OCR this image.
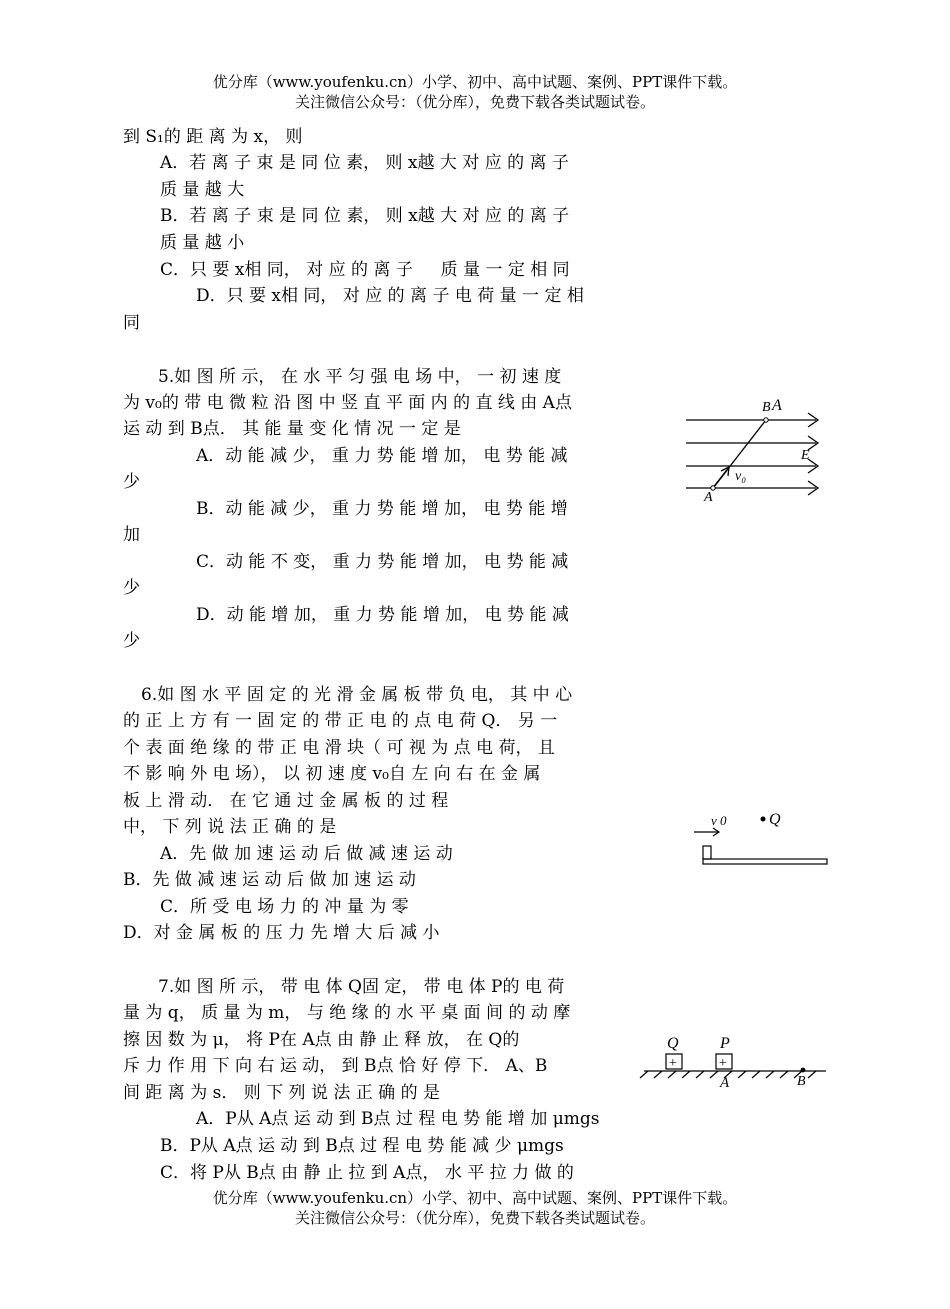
优分库（www.youfenku.cn）小学、初中、高中试题、案例、PPT课件下载。
关注微信公众号：（优分库），免费下载各类试题试卷。
到 S₁的 距 离 为 x， 则
A．若 离 子 束 是 同 位 素， 则 x越 大 对 应 的 离 子
质 量 越 大
B．若 离 子 束 是 同 位 素， 则 x越 大 对 应 的 离 子
质 量 越 小
C．只 要 x相 同， 对 应 的 离 子 　 质 量 一 定 相 同
D．只 要 x相 同， 对 应 的 离 子 电 荷 量 一 定 相
同
5.如 图 所 示， 在 水 平 匀 强 电 场 中， 一 初 速 度
为 v₀的 带 电 微 粒 沿 图 中 竖 直 平 面 内 的 直 线 由 A点
运 动 到 B点． 其 能 量 变 化 情 况 一 定 是
A．动 能 减 少， 重 力 势 能 增 加， 电 势 能 减
少
B．动 能 减 少， 重 力 势 能 增 加， 电 势 能 增
加
C．动 能 不 变， 重 力 势 能 增 加， 电 势 能 减
少
D．动 能 增 加， 重 力 势 能 增 加， 电 势 能 减
少
B A
E
v₀
A
6.如 图 水 平 固 定 的 光 滑 金 属 板 带 负 电， 其 中 心
的 正 上 方 有 一 固 定 的 带 正 电 的 点 电 荷 Q． 另 一
个 表 面 绝 缘 的 带 正 电 滑 块（ 可 视 为 点 电 荷， 且
不 影 响 外 电 场）， 以 初 速 度 v₀自 左 向 右 在 金 属
板 上 滑 动． 在 它 通 过 金 属 板 的 过 程
中， 下 列 说 法 正 确 的 是
A．先 做 加 速 运 动 后 做 减 速 运 动
B．先 做 减 速 运 动 后 做 加 速 运 动
C．所 受 电 场 力 的 冲 量 为 零
D．对 金 属 板 的 压 力 先 增 大 后 减 小
v 0	Q
7.如 图 所 示， 带 电 体 Q固 定， 带 电 体 P的 电 荷
量 为 q， 质 量 为 m， 与 绝 缘 的 水 平 桌 面 间 的 动 摩
擦 因 数 为 μ， 将 P在 A点 由 静 止 释 放， 在 Q的
斥 力 作 用 下 向 右 运 动， 到 B点 恰 好 停 下． A、B
间 距 离 为 s． 则 下 列 说 法 正 确 的 是
A．P从 A点 运 动 到 B点 过 程 电 势 能 增 加 μmgs
B．P从 A点 运 动 到 B点 过 程 电 势 能 减 少 μmgs
C．将 P从 B点 由 静 止 拉 到 A点， 水 平 拉 力 做 的
+	+
Q	P
A	B
优分库（www.youfenku.cn）小学、初中、高中试题、案例、PPT课件下载。
关注微信公众号：（优分库），免费下载各类试题试卷。
